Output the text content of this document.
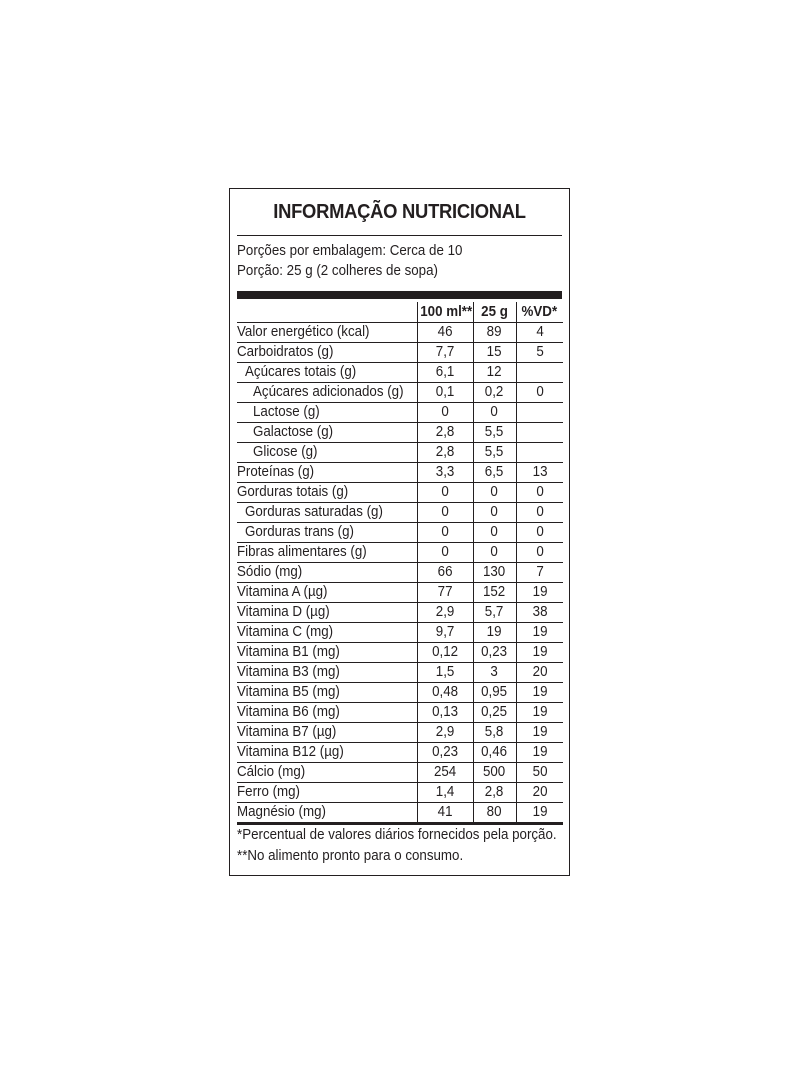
INFORMAÇÃO NUTRICIONAL
Porções por embalagem: Cerca de 10
Porção: 25 g (2 colheres de sopa)
	100 ml**	25 g	%VD*
Valor energético (kcal)	46	89	4
Carboidratos (g)	7,7	15	5
Açúcares totais (g)	6,1	12	
Açúcares adicionados (g)	0,1	0,2	0
Lactose (g)	0	0	
Galactose (g)	2,8	5,5	
Glicose (g)	2,8	5,5	
Proteínas (g)	3,3	6,5	13
Gorduras totais (g)	0	0	0
Gorduras saturadas (g)	0	0	0
Gorduras trans (g)	0	0	0
Fibras alimentares (g)	0	0	0
Sódio (mg)	66	130	7
Vitamina A (µg)	77	152	19
Vitamina D (µg)	2,9	5,7	38
Vitamina C (mg)	9,7	19	19
Vitamina B1 (mg)	0,12	0,23	19
Vitamina B3 (mg)	1,5	3	20
Vitamina B5 (mg)	0,48	0,95	19
Vitamina B6 (mg)	0,13	0,25	19
Vitamina B7 (µg)	2,9	5,8	19
Vitamina B12 (µg)	0,23	0,46	19
Cálcio (mg)	254	500	50
Ferro (mg)	1,4	2,8	20
Magnésio (mg)	41	80	19
*Percentual de valores diários fornecidos pela porção.
**No alimento pronto para o consumo.
